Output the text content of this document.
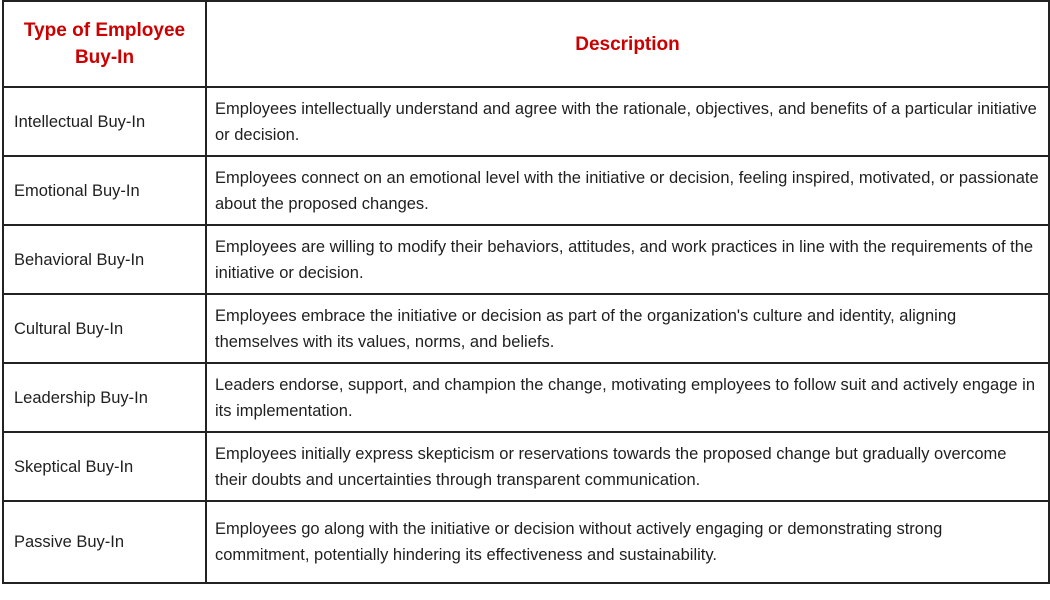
Type of Employee Buy-In	Description
Intellectual Buy-In	Employees intellectually understand and agree with the rationale, objectives, and benefits of a particular initiative or decision.
Emotional Buy-In	Employees connect on an emotional level with the initiative or decision, feeling inspired, motivated, or passionate about the proposed changes.
Behavioral Buy-In	Employees are willing to modify their behaviors, attitudes, and work practices in line with the requirements of the initiative or decision.
Cultural Buy-In	Employees embrace the initiative or decision as part of the organization's culture and identity, aligning themselves with its values, norms, and beliefs.
Leadership Buy-In	Leaders endorse, support, and champion the change, motivating employees to follow suit and actively engage in its implementation.
Skeptical Buy-In	Employees initially express skepticism or reservations towards the proposed change but gradually overcome their doubts and uncertainties through transparent communication.
Passive Buy-In	Employees go along with the initiative or decision without actively engaging or demonstrating strong commitment, potentially hindering its effectiveness and sustainability.
